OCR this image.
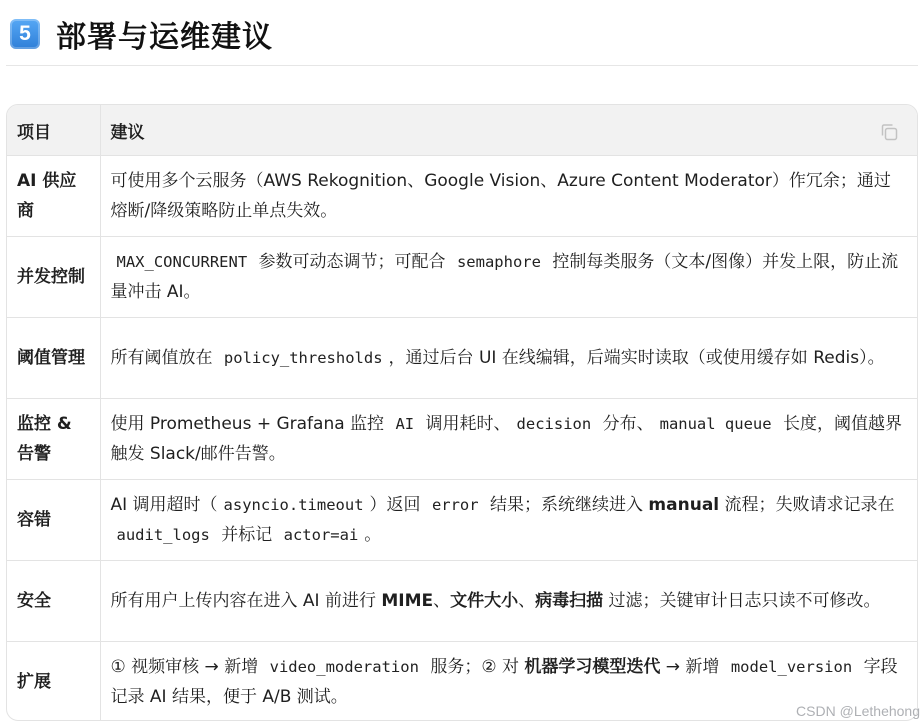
5 部署与运维建议
项目	建议

AI 供应商	可使用多个云服务（AWS Rekognition、Google Vision、Azure Content Moderator）作冗余；通过熔断/降级策略防止单点失效。
并发控制	MAX_CONCURRENT 参数可动态调节；可配合 semaphore 控制每类服务（文本/图像）并发上限，防止流量冲击 AI。
阈值管理	所有阈值放在 policy_thresholds ，通过后台 UI 在线编辑，后端实时读取（或使用缓存如 Redis）。
监控 & 告警	使用 Prometheus + Grafana 监控 AI 调用耗时、 decision 分布、 manual queue 长度，阈值越界触发 Slack/邮件告警。
容错	AI 调用超时（ asyncio.timeout ）返回 error 结果；系统继续进入 manual 流程；失败请求记录在 audit_logs 并标记 actor=ai 。
安全	所有用户上传内容在进入 AI 前进行 MIME、文件大小、病毒扫描 过滤；关键审计日志只读不可修改。
扩展	① 视频审核 → 新增 video_moderation 服务；② 对 机器学习模型迭代 → 新增 model_version 字段记录 AI 结果，便于 A/B 测试。
CSDN @Lethehong
